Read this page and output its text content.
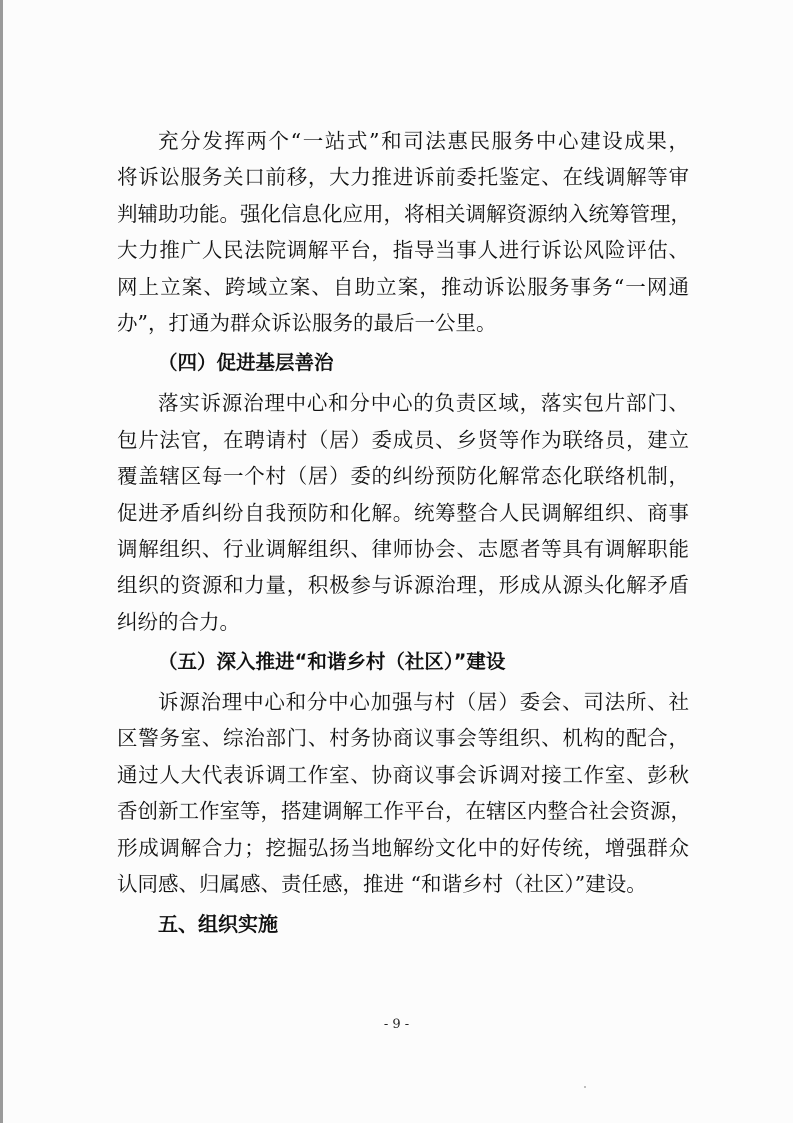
充分发挥两个“一站式”和司法惠民服务中心建设成果，
将诉讼服务关口前移，大力推进诉前委托鉴定、在线调解等审
判辅助功能。强化信息化应用，将相关调解资源纳入统筹管理，
大力推广人民法院调解平台，指导当事人进行诉讼风险评估、
网上立案、跨域立案、自助立案，推动诉讼服务事务“一网通
办”，打通为群众诉讼服务的最后一公里。
（四）促进基层善治
落实诉源治理中心和分中心的负责区域，落实包片部门、
包片法官，在聘请村（居）委成员、乡贤等作为联络员，建立
覆盖辖区每一个村（居）委的纠纷预防化解常态化联络机制，
促进矛盾纠纷自我预防和化解。统筹整合人民调解组织、商事
调解组织、行业调解组织、律师协会、志愿者等具有调解职能
组织的资源和力量，积极参与诉源治理，形成从源头化解矛盾
纠纷的合力。
（五）深入推进“和谐乡村（社区）”建设
诉源治理中心和分中心加强与村（居）委会、司法所、社
区警务室、综治部门、村务协商议事会等组织、机构的配合，
通过人大代表诉调工作室、协商议事会诉调对接工作室、彭秋
香创新工作室等，搭建调解工作平台，在辖区内整合社会资源，
形成调解合力；挖掘弘扬当地解纷文化中的好传统，增强群众
认同感、归属感、责任感，推进 “和谐乡村（社区）”建设。
五、组织实施
- 9 -
